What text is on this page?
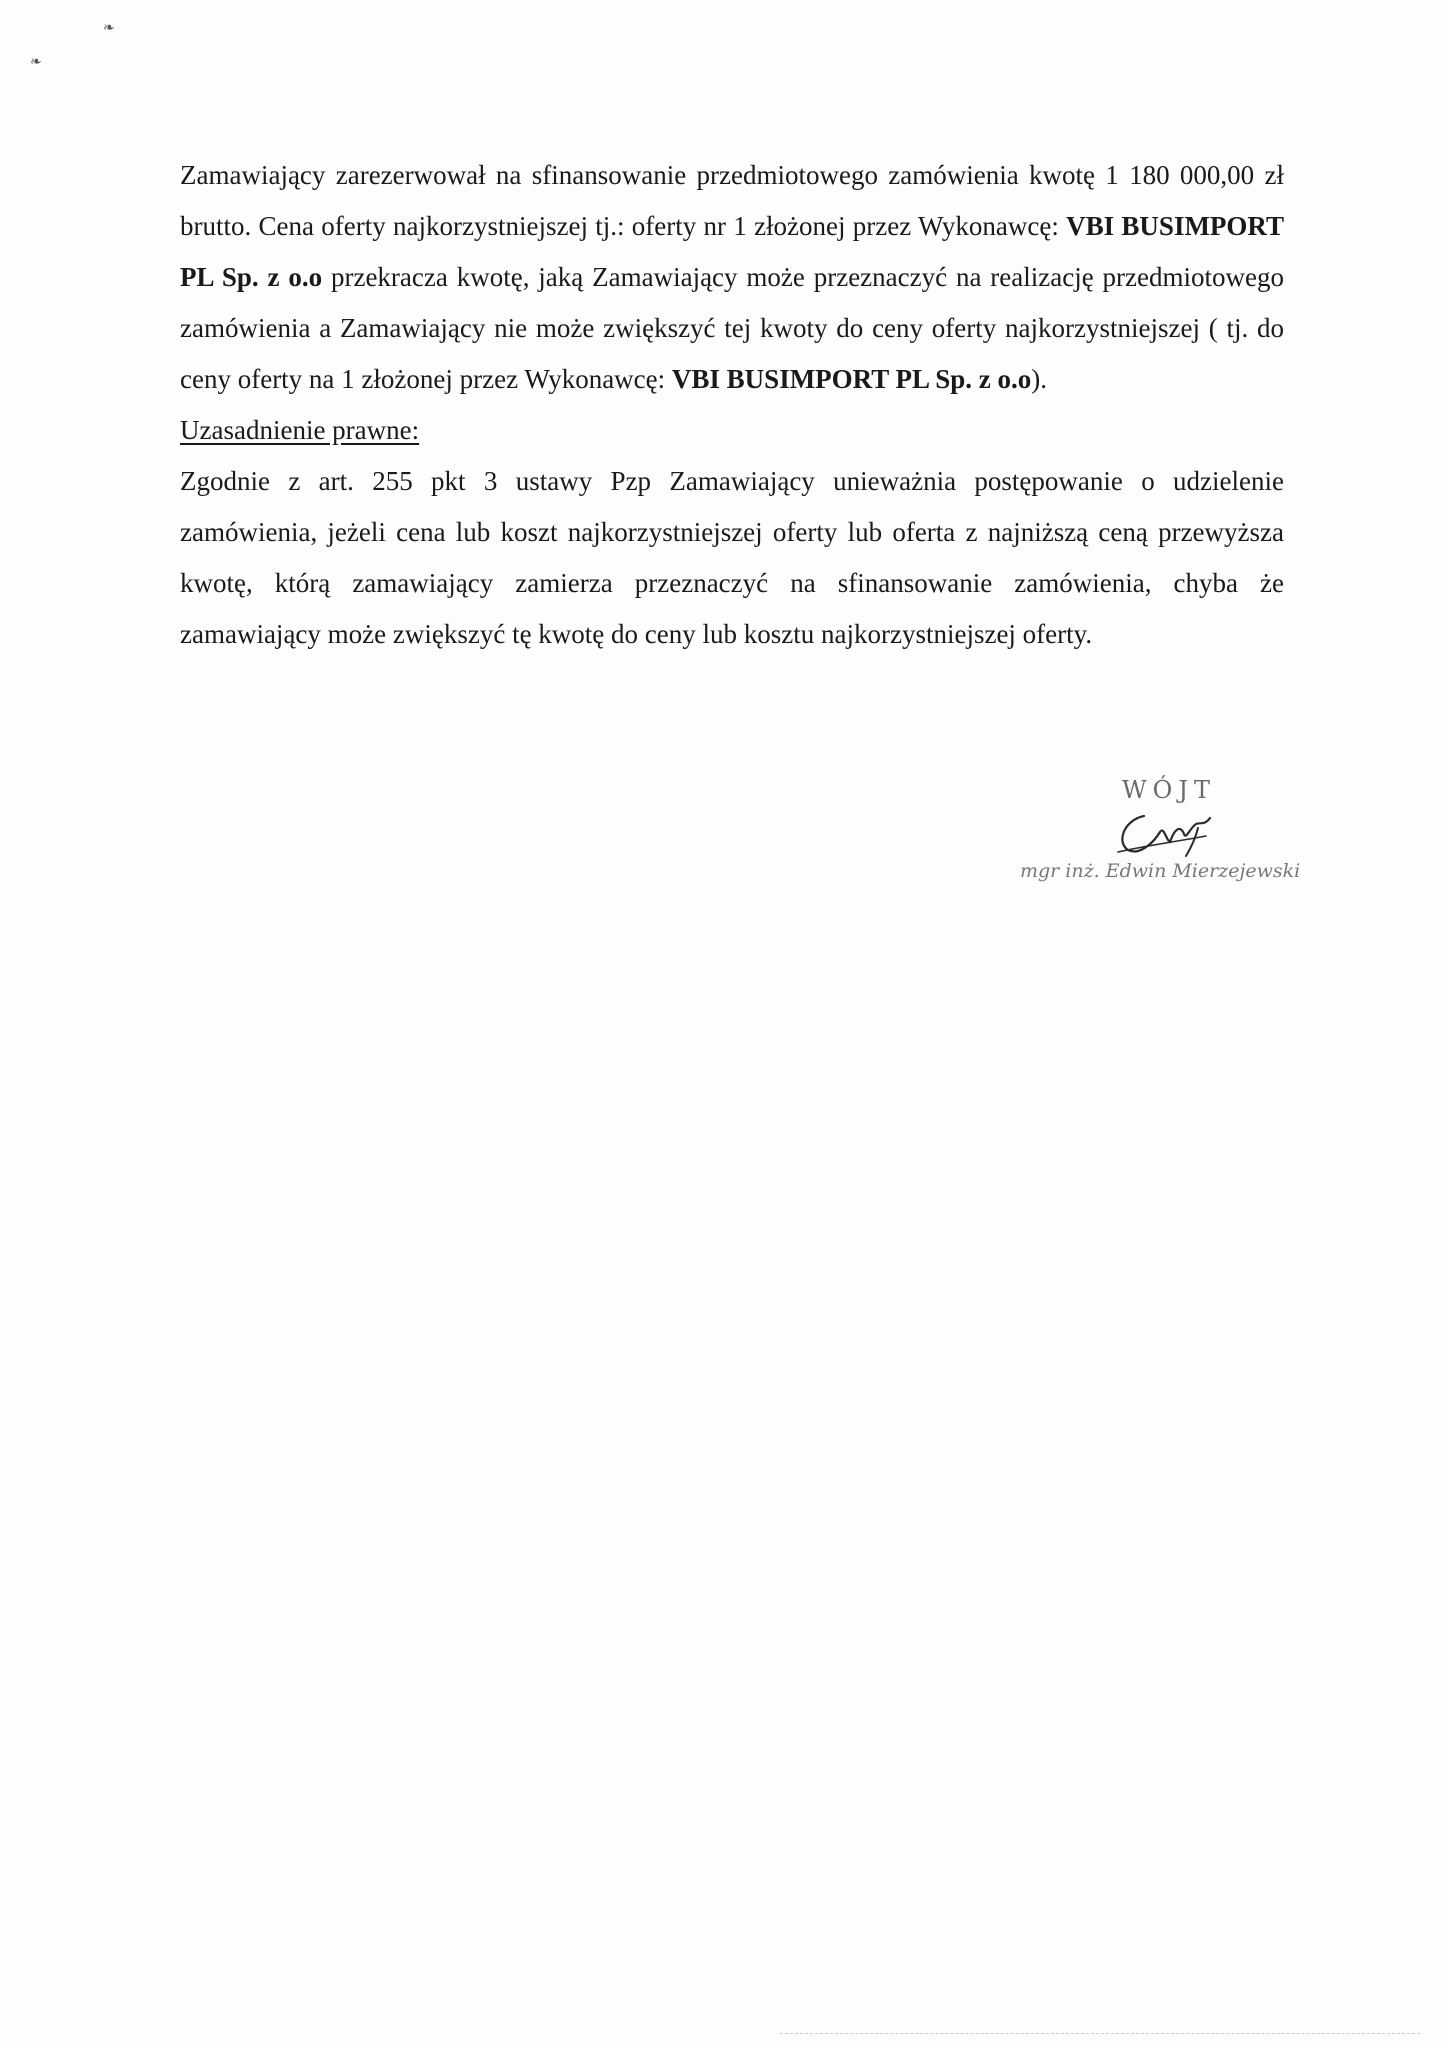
❧
❧

Zamawiający zarezerwował na sfinansowanie przedmiotowego zamówienia kwotę 1 180 000,00 zł brutto. Cena oferty najkorzystniejszej tj.: oferty nr 1 złożonej przez Wykonawcę: VBI BUSIMPORT PL Sp. z o.o przekracza kwotę, jaką Zamawiający może przeznaczyć na realizację przedmiotowego zamówienia a Zamawiający nie może zwiększyć tej kwoty do ceny oferty najkorzystniejszej ( tj. do ceny oferty na 1 złożonej przez Wykonawcę: VBI BUSIMPORT PL Sp. z o.o).

Uzasadnienie prawne:

Zgodnie z art. 255 pkt 3 ustawy Pzp Zamawiający unieważnia postępowanie o udzielenie zamówienia, jeżeli cena lub koszt najkorzystniejszej oferty lub oferta z najniższą ceną przewyższa kwotę, którą zamawiający zamierza przeznaczyć na sfinansowanie zamówienia, chyba że zamawiający może zwiększyć tę kwotę do ceny lub kosztu najkorzystniejszej oferty.

WÓJT
mgr inż. Edwin Mierzejewski
